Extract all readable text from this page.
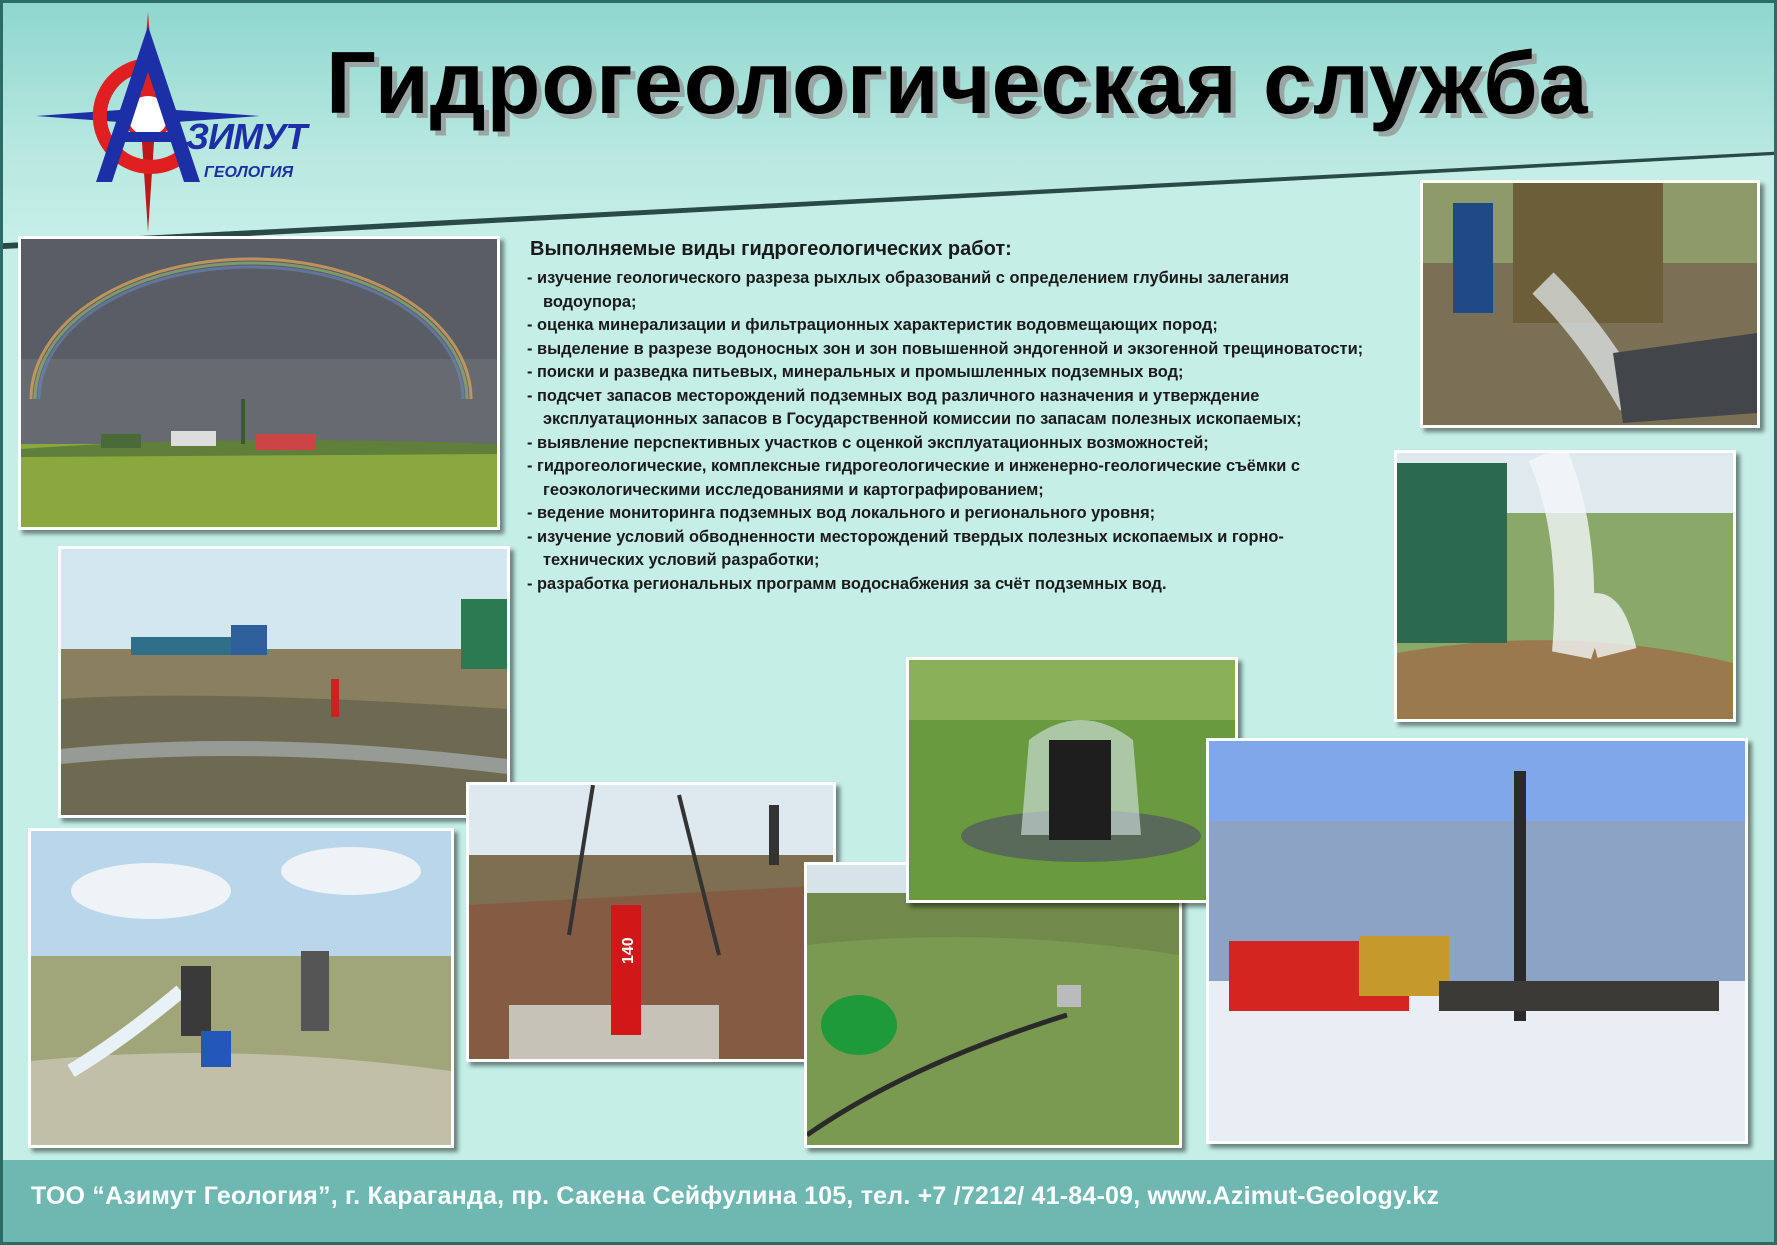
ЗИМУТ
ГЕОЛОГИЯ
Гидрогеологическая служба
Выполняемые виды гидрогеологических работ:
- изучение геологического разреза рыхлых образований с определением глубины залегания водоупора;
- оценка минерализации и фильтрационных характеристик водовмещающих пород;
- выделение в разрезе водоносных зон и зон повышенной эндогенной и экзогенной трещиноватости;
- поиски и разведка питьевых, минеральных и промышленных подземных вод;
- подсчет запасов месторождений подземных вод различного назначения и утверждение эксплуатационных запасов в Государственной комиссии по запасам полезных ископаемых;
- выявление перспективных участков с оценкой эксплуатационных возможностей;
- гидрогеологические, комплексные гидрогеологические и инженерно-геологические съёмки с геоэкологическими исследованиями и картографированием;
- ведение мониторинга подземных вод локального и регионального уровня;
- изучение условий обводненности месторождений твердых полезных ископаемых и горно-технических условий разработки;
- разработка региональных программ водоснабжения за счёт подземных вод.
140
ТОО “Азимут Геология”, г. Караганда, пр. Сакена Сейфулина 105, тел. +7 /7212/ 41-84-09, www.Azimut-Geology.kz
